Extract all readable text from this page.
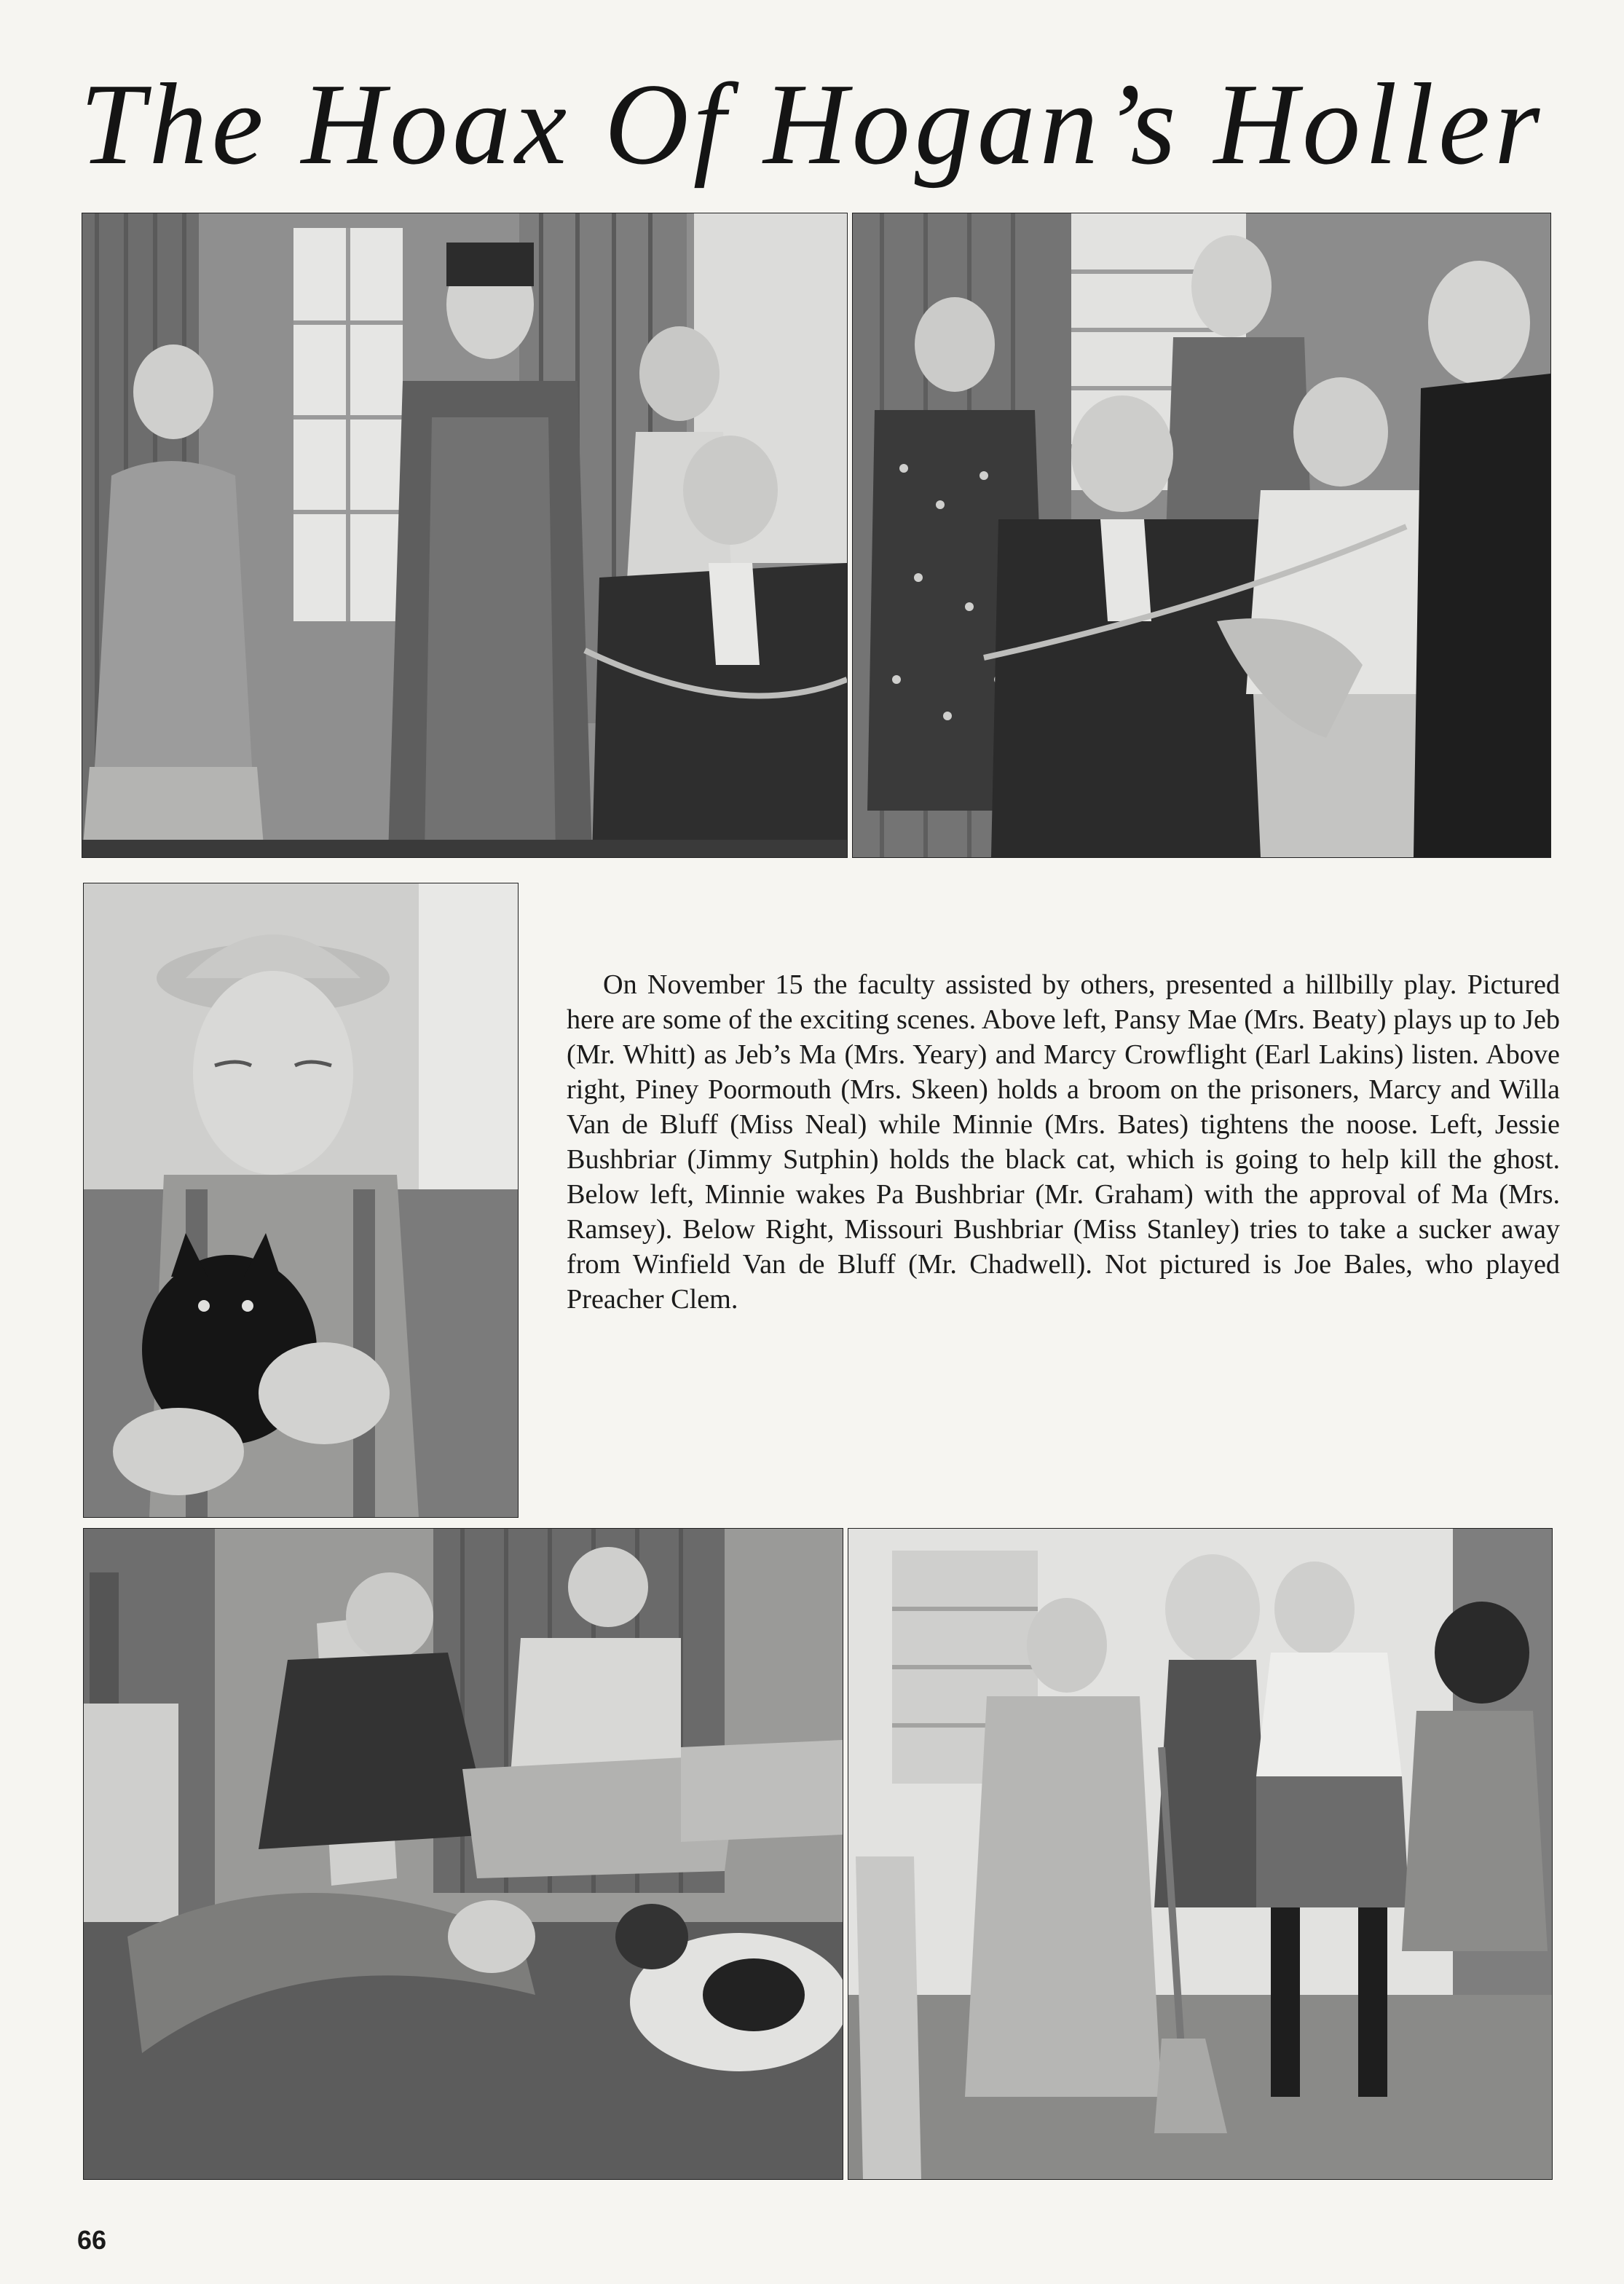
The Hoax Of Hogan’s Holler

On November 15 the faculty assisted by others, presented a hillbilly play. Pictured here are some of the exciting scenes. Above left, Pansy Mae (Mrs. Beaty) plays up to Jeb (Mr. Whitt) as Jeb’s Ma (Mrs. Yeary) and Marcy Crowflight (Earl Lakins) listen. Above right, Piney Poormouth (Mrs. Skeen) holds a broom on the prisoners, Marcy and Willa Van de Bluff (Miss Neal) while Minnie (Mrs. Bates) tightens the noose. Left, Jessie Bushbriar (Jimmy Sutphin) holds the black cat, which is going to help kill the ghost. Below left, Minnie wakes Pa Bushbriar (Mr. Graham) with the approval of Ma (Mrs. Ramsey). Below Right, Missouri Bushbriar (Miss Stanley) tries to take a sucker away from Winfield Van de Bluff (Mr. Chadwell). Not pictured is Joe Bales, who played Preacher Clem.

66
